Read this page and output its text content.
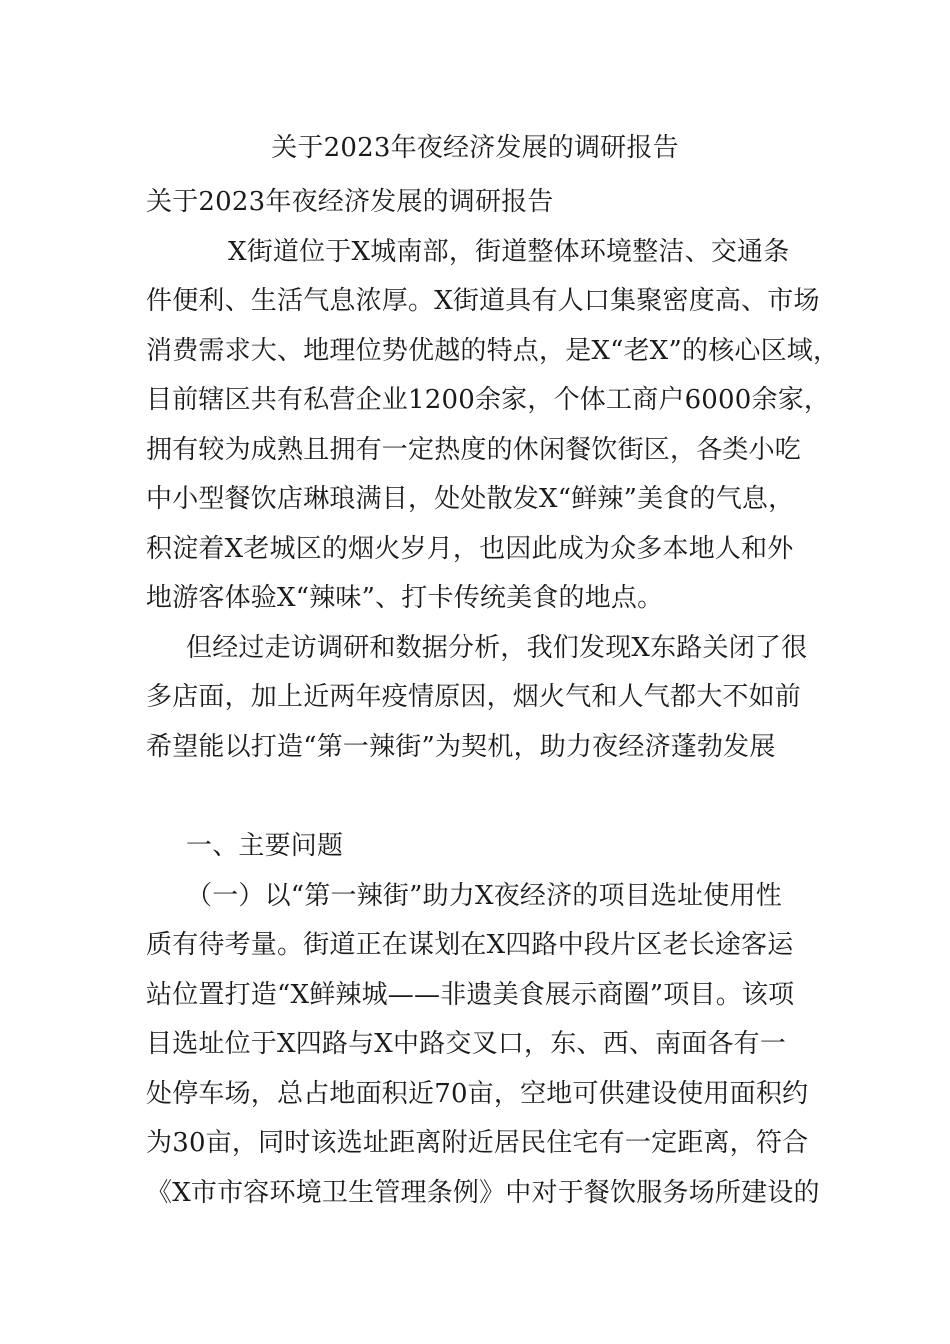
关于2023年夜经济发展的调研报告
关于2023年夜经济发展的调研报告
X街道位于X城南部，街道整体环境整洁、交通条
件便利、生活气息浓厚。X街道具有人口集聚密度高、市场
消费需求大、地理位势优越的特点，是X“老X”的核心区域，
目前辖区共有私营企业1200余家，个体工商户6000余家，
拥有较为成熟且拥有一定热度的休闲餐饮街区，各类小吃
中小型餐饮店琳琅满目，处处散发X“鲜辣”美食的气息，
积淀着X老城区的烟火岁月，也因此成为众多本地人和外
地游客体验X“辣味”、打卡传统美食的地点。
但经过走访调研和数据分析，我们发现X东路关闭了很
多店面，加上近两年疫情原因，烟火气和人气都大不如前
希望能以打造“第一辣街”为契机，助力夜经济蓬勃发展
一、主要问题
（一）以“第一辣街”助力X夜经济的项目选址使用性
质有待考量。街道正在谋划在X四路中段片区老长途客运
站位置打造“X鲜辣城——非遗美食展示商圈”项目。该项
目选址位于X四路与X中路交叉口，东、西、南面各有一
处停车场，总占地面积近70亩，空地可供建设使用面积约
为30亩，同时该选址距离附近居民住宅有一定距离，符合
《X市市容环境卫生管理条例》中对于餐饮服务场所建设的
